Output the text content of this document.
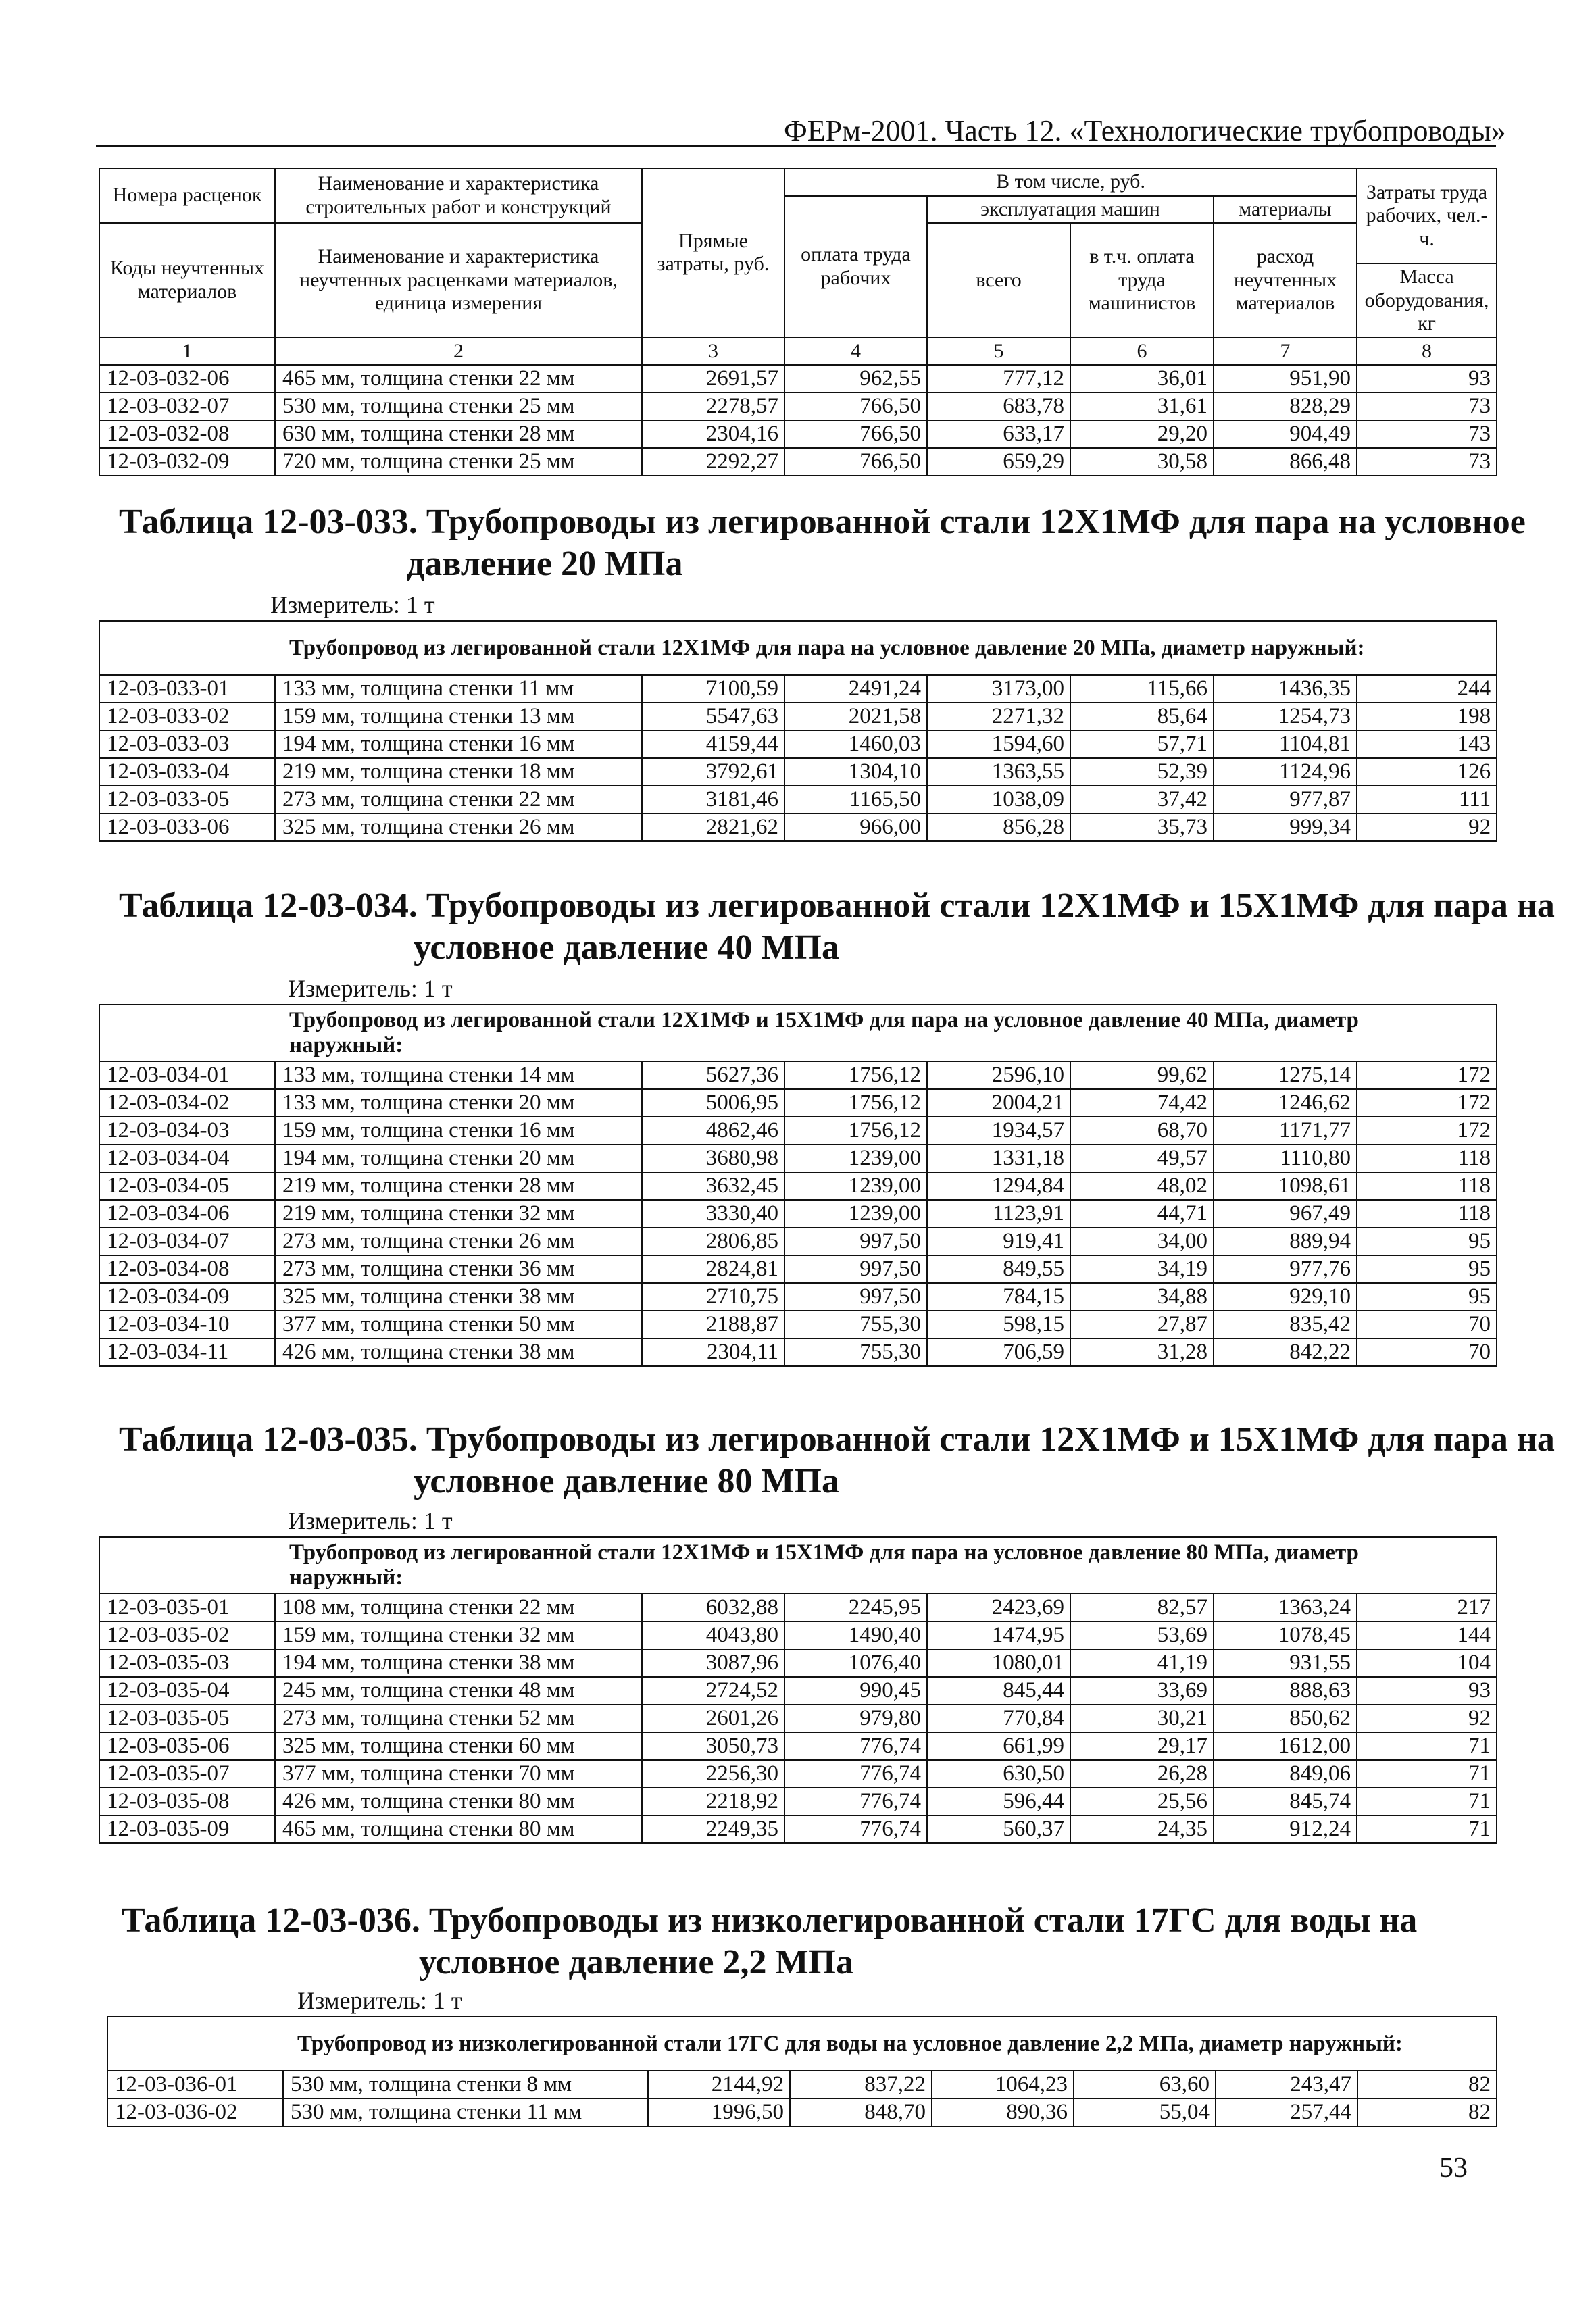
ФЕРм-2001. Часть 12. «Технологические трубопроводы»
Номера расценок	Наименование и характеристика строительных работ и конструкций	Прямые затраты, руб.	В том числе, руб.				Затраты труда рабочих, чел.-ч.
			оплата труда рабочих	эксплуатация машин		материалы	
Коды неучтенных материалов	Наименование и характеристика неучтенных расценками материалов, единица измерения			всего	в т.ч. оплата труда машинистов	расход неучтенных материалов	
							Масса оборудования, кг
1	2	3	4	5	6	7	8
12-03-032-06	465 мм, толщина стенки 22 мм	2691,57	962,55	777,12	36,01	951,90	93
12-03-032-07	530 мм, толщина стенки 25 мм	2278,57	766,50	683,78	31,61	828,29	73
12-03-032-08	630 мм, толщина стенки 28 мм	2304,16	766,50	633,17	29,20	904,49	73
12-03-032-09	720 мм, толщина стенки 25 мм	2292,27	766,50	659,29	30,58	866,48	73
Таблица 12-03-033. Трубопроводы из легированной стали 12Х1МФ для пара на условное
давление 20 МПа
Измеритель: 1 т
Трубопровод из легированной стали 12Х1МФ для пара на условное давление 20 МПа, диаметр наружный:							
12-03-033-01	133 мм, толщина стенки 11 мм	7100,59	2491,24	3173,00	115,66	1436,35	244
12-03-033-02	159 мм, толщина стенки 13 мм	5547,63	2021,58	2271,32	85,64	1254,73	198
12-03-033-03	194 мм, толщина стенки 16 мм	4159,44	1460,03	1594,60	57,71	1104,81	143
12-03-033-04	219 мм, толщина стенки 18 мм	3792,61	1304,10	1363,55	52,39	1124,96	126
12-03-033-05	273 мм, толщина стенки 22 мм	3181,46	1165,50	1038,09	37,42	977,87	111
12-03-033-06	325 мм, толщина стенки 26 мм	2821,62	966,00	856,28	35,73	999,34	92
Таблица 12-03-034. Трубопроводы из легированной стали 12Х1МФ и 15Х1МФ для пара на
условное давление 40 МПа
Измеритель: 1 т
Трубопровод из легированной стали 12Х1МФ и 15Х1МФ для пара на условное давление 40 МПа, диаметр наружный:							
12-03-034-01	133 мм, толщина стенки 14 мм	5627,36	1756,12	2596,10	99,62	1275,14	172
12-03-034-02	133 мм, толщина стенки 20 мм	5006,95	1756,12	2004,21	74,42	1246,62	172
12-03-034-03	159 мм, толщина стенки 16 мм	4862,46	1756,12	1934,57	68,70	1171,77	172
12-03-034-04	194 мм, толщина стенки 20 мм	3680,98	1239,00	1331,18	49,57	1110,80	118
12-03-034-05	219 мм, толщина стенки 28 мм	3632,45	1239,00	1294,84	48,02	1098,61	118
12-03-034-06	219 мм, толщина стенки 32 мм	3330,40	1239,00	1123,91	44,71	967,49	118
12-03-034-07	273 мм, толщина стенки 26 мм	2806,85	997,50	919,41	34,00	889,94	95
12-03-034-08	273 мм, толщина стенки 36 мм	2824,81	997,50	849,55	34,19	977,76	95
12-03-034-09	325 мм, толщина стенки 38 мм	2710,75	997,50	784,15	34,88	929,10	95
12-03-034-10	377 мм, толщина стенки 50 мм	2188,87	755,30	598,15	27,87	835,42	70
12-03-034-11	426 мм, толщина стенки 38 мм	2304,11	755,30	706,59	31,28	842,22	70
Таблица 12-03-035. Трубопроводы из легированной стали 12Х1МФ и 15Х1МФ для пара на
условное давление 80 МПа
Измеритель: 1 т
Трубопровод из легированной стали 12Х1МФ и 15Х1МФ для пара на условное давление 80 МПа, диаметр наружный:							
12-03-035-01	108 мм, толщина стенки 22 мм	6032,88	2245,95	2423,69	82,57	1363,24	217
12-03-035-02	159 мм, толщина стенки 32 мм	4043,80	1490,40	1474,95	53,69	1078,45	144
12-03-035-03	194 мм, толщина стенки 38 мм	3087,96	1076,40	1080,01	41,19	931,55	104
12-03-035-04	245 мм, толщина стенки 48 мм	2724,52	990,45	845,44	33,69	888,63	93
12-03-035-05	273 мм, толщина стенки 52 мм	2601,26	979,80	770,84	30,21	850,62	92
12-03-035-06	325 мм, толщина стенки 60 мм	3050,73	776,74	661,99	29,17	1612,00	71
12-03-035-07	377 мм, толщина стенки 70 мм	2256,30	776,74	630,50	26,28	849,06	71
12-03-035-08	426 мм, толщина стенки 80 мм	2218,92	776,74	596,44	25,56	845,74	71
12-03-035-09	465 мм, толщина стенки 80 мм	2249,35	776,74	560,37	24,35	912,24	71
Таблица 12-03-036. Трубопроводы из низколегированной стали 17ГС для воды на
условное давление 2,2 МПа
Измеритель: 1 т
Трубопровод из низколегированной стали 17ГС для воды на условное давление 2,2 МПа, диаметр наружный:							
12-03-036-01	530 мм, толщина стенки 8 мм	2144,92	837,22	1064,23	63,60	243,47	82
12-03-036-02	530 мм, толщина стенки 11 мм	1996,50	848,70	890,36	55,04	257,44	82
53
